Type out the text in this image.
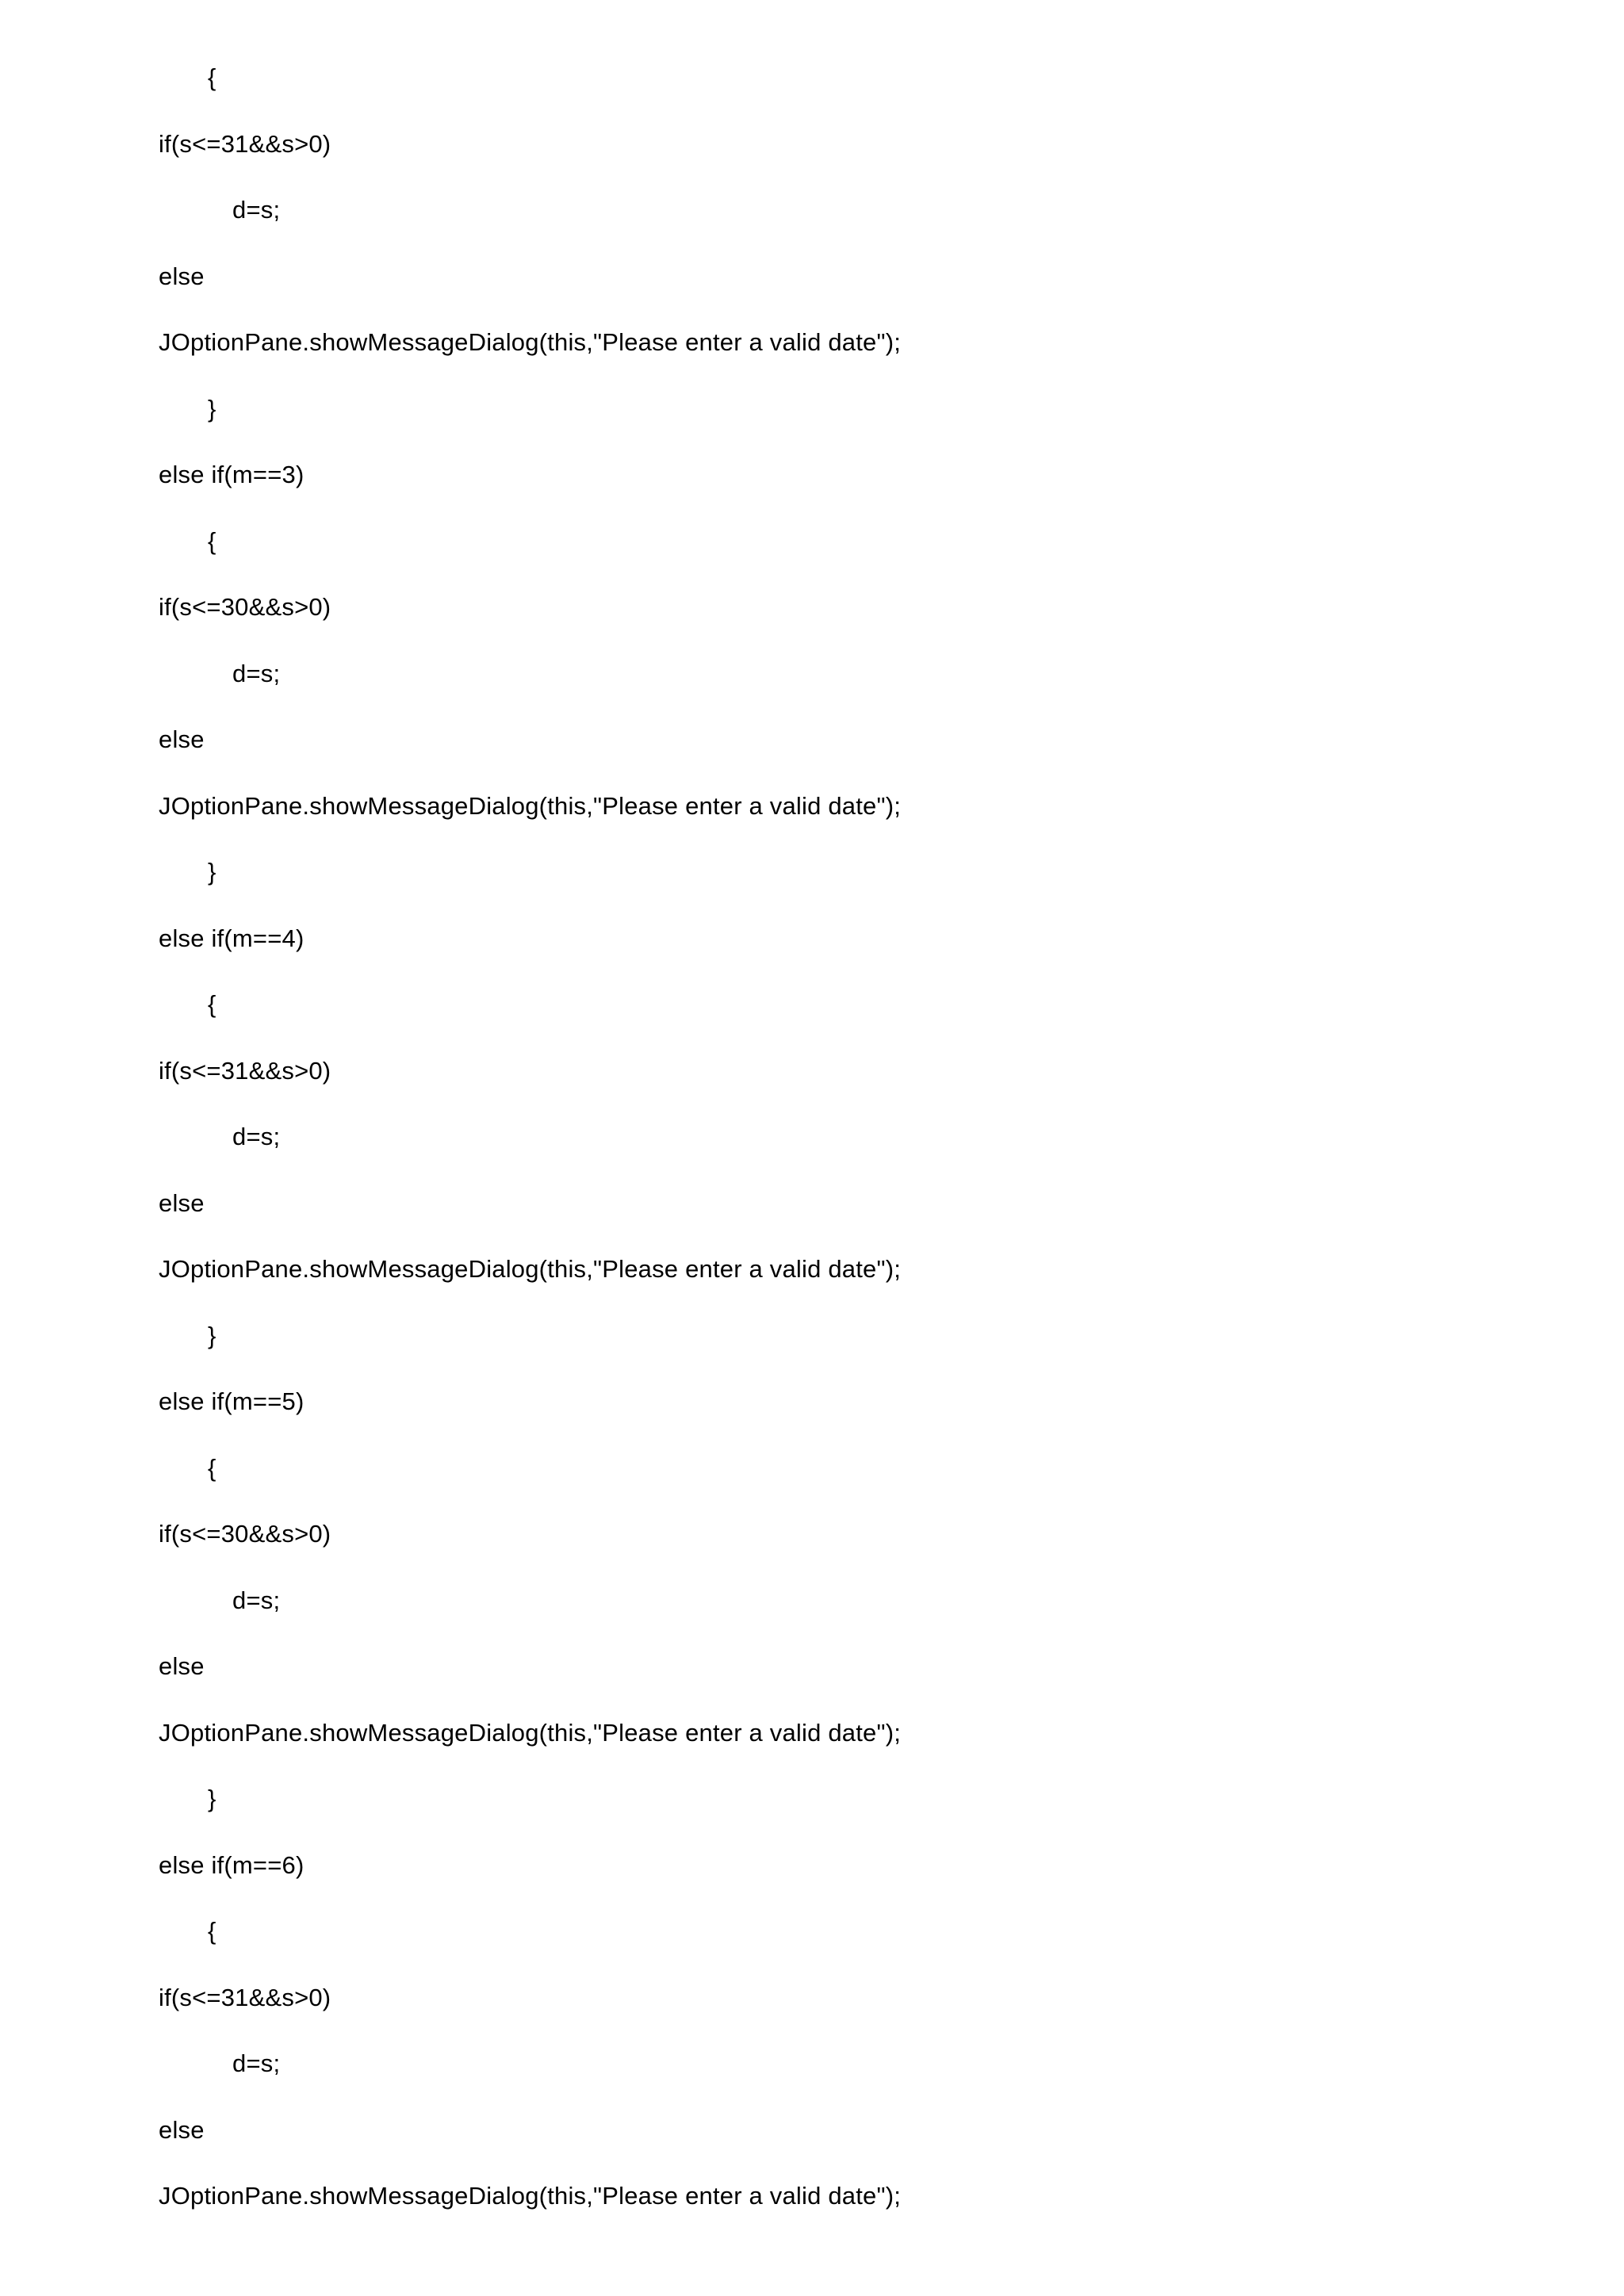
{

if(s<=31&&s>0)

d=s;

else

JOptionPane.showMessageDialog(this,"Please enter a valid date");

}

else if(m==3)

{

if(s<=30&&s>0)

d=s;

else

JOptionPane.showMessageDialog(this,"Please enter a valid date");

}

else if(m==4)

{

if(s<=31&&s>0)

d=s;

else

JOptionPane.showMessageDialog(this,"Please enter a valid date");

}

else if(m==5)

{

if(s<=30&&s>0)

d=s;

else

JOptionPane.showMessageDialog(this,"Please enter a valid date");

}

else if(m==6)

{

if(s<=31&&s>0)

d=s;

else

JOptionPane.showMessageDialog(this,"Please enter a valid date");
